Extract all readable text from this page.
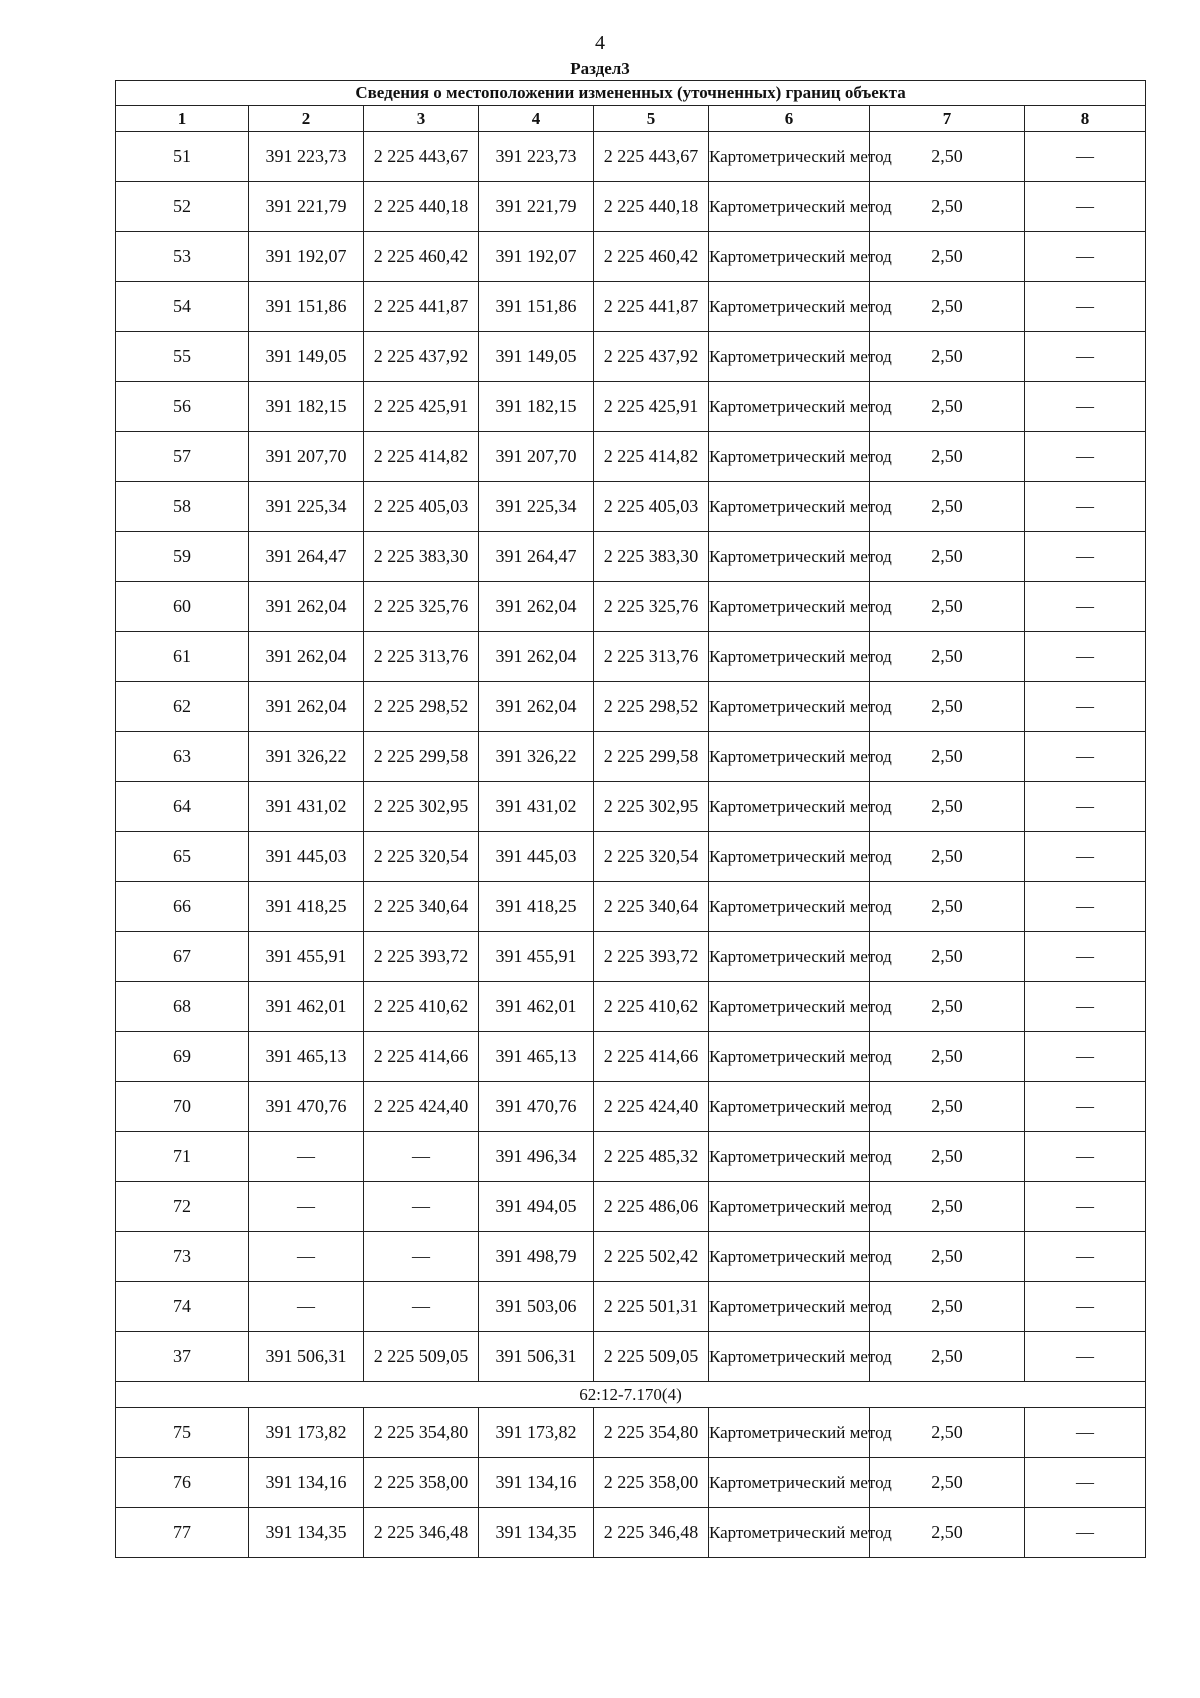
4
Раздел3
Сведения о местоположении измененных (уточненных) границ объекта							
1	2	3	4	5	6	7	8
51	391 223,73	2 225 443,67	391 223,73	2 225 443,67	Картометрический метод	2,50	—
52	391 221,79	2 225 440,18	391 221,79	2 225 440,18	Картометрический метод	2,50	—
53	391 192,07	2 225 460,42	391 192,07	2 225 460,42	Картометрический метод	2,50	—
54	391 151,86	2 225 441,87	391 151,86	2 225 441,87	Картометрический метод	2,50	—
55	391 149,05	2 225 437,92	391 149,05	2 225 437,92	Картометрический метод	2,50	—
56	391 182,15	2 225 425,91	391 182,15	2 225 425,91	Картометрический метод	2,50	—
57	391 207,70	2 225 414,82	391 207,70	2 225 414,82	Картометрический метод	2,50	—
58	391 225,34	2 225 405,03	391 225,34	2 225 405,03	Картометрический метод	2,50	—
59	391 264,47	2 225 383,30	391 264,47	2 225 383,30	Картометрический метод	2,50	—
60	391 262,04	2 225 325,76	391 262,04	2 225 325,76	Картометрический метод	2,50	—
61	391 262,04	2 225 313,76	391 262,04	2 225 313,76	Картометрический метод	2,50	—
62	391 262,04	2 225 298,52	391 262,04	2 225 298,52	Картометрический метод	2,50	—
63	391 326,22	2 225 299,58	391 326,22	2 225 299,58	Картометрический метод	2,50	—
64	391 431,02	2 225 302,95	391 431,02	2 225 302,95	Картометрический метод	2,50	—
65	391 445,03	2 225 320,54	391 445,03	2 225 320,54	Картометрический метод	2,50	—
66	391 418,25	2 225 340,64	391 418,25	2 225 340,64	Картометрический метод	2,50	—
67	391 455,91	2 225 393,72	391 455,91	2 225 393,72	Картометрический метод	2,50	—
68	391 462,01	2 225 410,62	391 462,01	2 225 410,62	Картометрический метод	2,50	—
69	391 465,13	2 225 414,66	391 465,13	2 225 414,66	Картометрический метод	2,50	—
70	391 470,76	2 225 424,40	391 470,76	2 225 424,40	Картометрический метод	2,50	—
71	—	—	391 496,34	2 225 485,32	Картометрический метод	2,50	—
72	—	—	391 494,05	2 225 486,06	Картометрический метод	2,50	—
73	—	—	391 498,79	2 225 502,42	Картометрический метод	2,50	—
74	—	—	391 503,06	2 225 501,31	Картометрический метод	2,50	—
37	391 506,31	2 225 509,05	391 506,31	2 225 509,05	Картометрический метод	2,50	—
62:12-7.170(4)							
75	391 173,82	2 225 354,80	391 173,82	2 225 354,80	Картометрический метод	2,50	—
76	391 134,16	2 225 358,00	391 134,16	2 225 358,00	Картометрический метод	2,50	—
77	391 134,35	2 225 346,48	391 134,35	2 225 346,48	Картометрический метод	2,50	—
